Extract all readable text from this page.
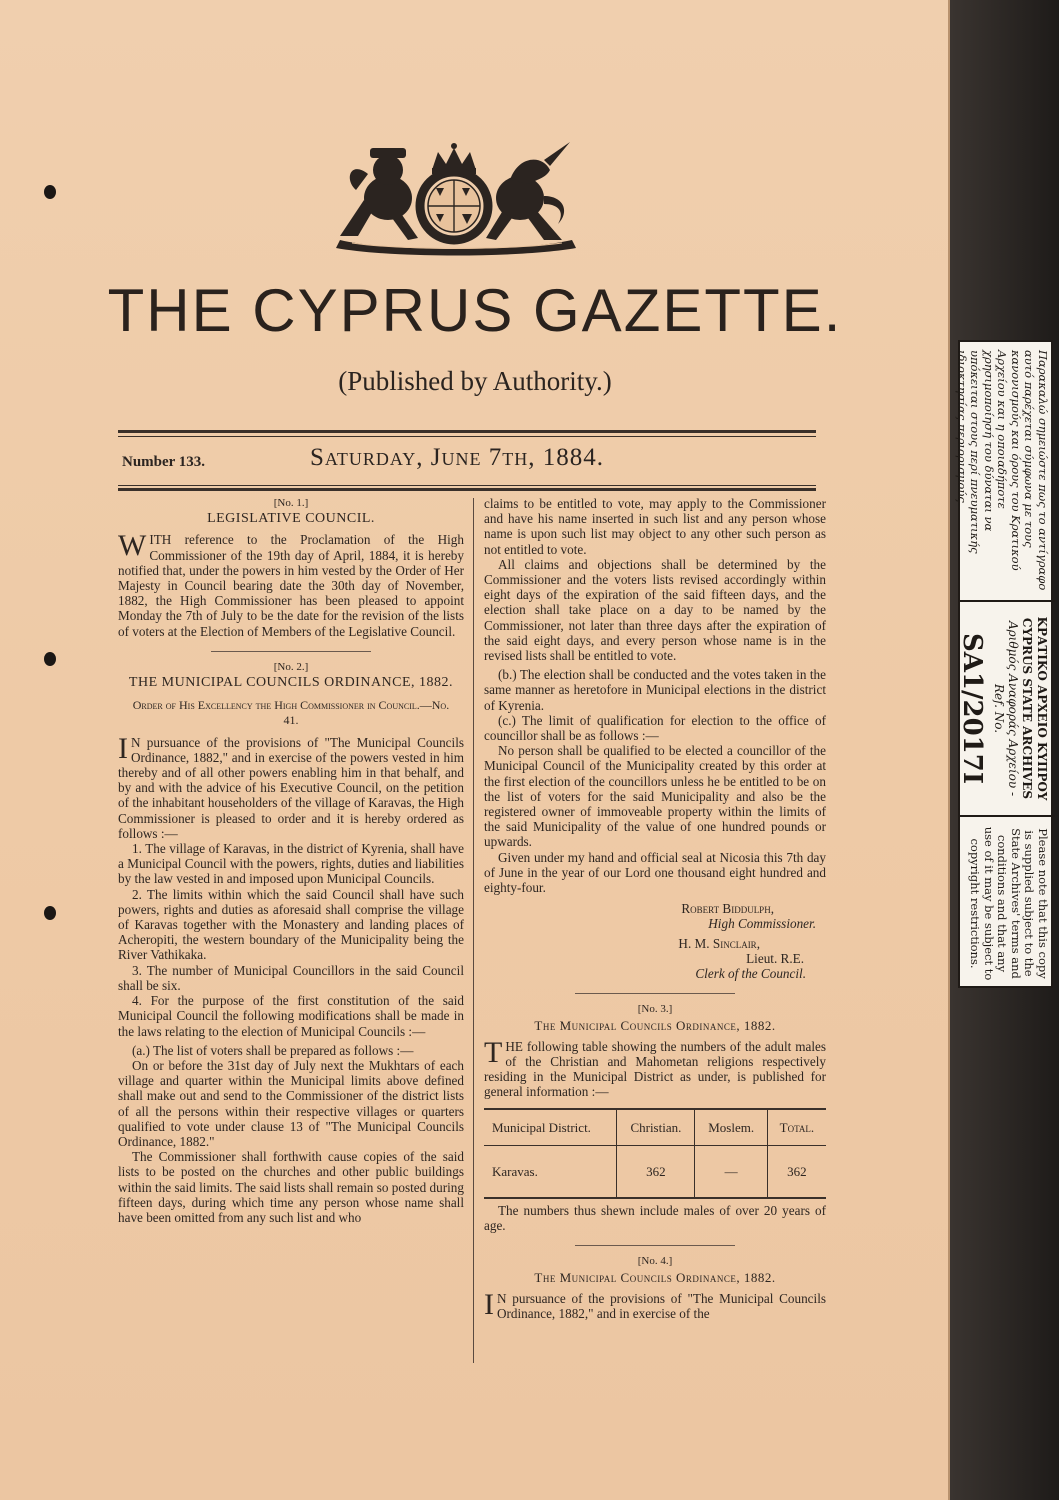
THE CYPRUS GAZETTE.
(Published by Authority.)
Number 133.	Saturday, June 7th, 1884.

[No. 1.]

LEGISLATIVE COUNCIL.

WITH reference to the Proclamation of the High Commissioner of the 19th day of April, 1884, it is hereby notified that, under the powers in him vested by the Order of Her Majesty in Council bearing date the 30th day of November, 1882, the High Commissioner has been pleased to appoint Monday the 7th of July to be the date for the revision of the lists of voters at the Election of Members of the Legislative Council.

[No. 2.]

THE MUNICIPAL COUNCILS ORDINANCE, 1882.

Order of His Excellency the High Commissioner in Council.—No. 41.

IN pursuance of the provisions of "The Municipal Councils Ordinance, 1882," and in exercise of the powers vested in him thereby and of all other powers enabling him in that behalf, and by and with the advice of his Executive Council, on the petition of the inhabitant householders of the village of Karavas, the High Commissioner is pleased to order and it is hereby ordered as follows :—

1. The village of Karavas, in the district of Kyrenia, shall have a Municipal Council with the powers, rights, duties and liabilities by the law vested in and imposed upon Municipal Councils.

2. The limits within which the said Council shall have such powers, rights and duties as aforesaid shall comprise the village of Karavas together with the Monastery and landing places of Acheropiti, the western boundary of the Municipality being the River Vathikaka.

3. The number of Municipal Councillors in the said Council shall be six.

4. For the purpose of the first constitution of the said Municipal Council the following modifications shall be made in the laws relating to the election of Municipal Councils :—

(a.) The list of voters shall be prepared as follows :—

On or before the 31st day of July next the Mukhtars of each village and quarter within the Municipal limits above defined shall make out and send to the Commissioner of the district lists of all the persons within their respective villages or quarters qualified to vote under clause 13 of "The Municipal Councils Ordinance, 1882."

The Commissioner shall forthwith cause copies of the said lists to be posted on the churches and other public buildings within the said limits. The said lists shall remain so posted during fifteen days, during which time any person whose name shall have been omitted from any such list and who

claims to be entitled to vote, may apply to the Commissioner and have his name inserted in such list and any person whose name is upon such list may object to any other such person as not entitled to vote.

All claims and objections shall be determined by the Commissioner and the voters lists revised accordingly within eight days of the expiration of the said fifteen days, and the election shall take place on a day to be named by the Commissioner, not later than three days after the expiration of the said eight days, and every person whose name is in the revised lists shall be entitled to vote.

(b.) The election shall be conducted and the votes taken in the same manner as heretofore in Municipal elections in the district of Kyrenia.

(c.) The limit of qualification for election to the office of councillor shall be as follows :—

No person shall be qualified to be elected a councillor of the Municipal Council of the Municipality created by this order at the first election of the councillors unless he be entitled to be on the list of voters for the said Municipality and also be the registered owner of immoveable property within the limits of the said Municipality of the value of one hundred pounds or upwards.

Given under my hand and official seal at Nicosia this 7th day of June in the year of our Lord one thousand eight hundred and eighty-four.

Robert Biddulph,

High Commissioner.

H. M. Sinclair,

Lieut. R.E.

Clerk of the Council.

[No. 3.]

The Municipal Councils Ordinance, 1882.

THE following table showing the numbers of the adult males of the Christian and Mahometan religions respectively residing in the Municipal District as under, is published for general information :—

Municipal District.	Christian.	Moslem.	Total.
Karavas.	362	—	362

The numbers thus shewn include males of over 20 years of age.

[No. 4.]

The Municipal Councils Ordinance, 1882.

IN pursuance of the provisions of "The Municipal Councils Ordinance, 1882," and in exercise of the

Παρακαλώ σημειώστε πως το αντίγραφο αυτό παρέχεται σύμφωνα με τους κανονισμούς και όρους του Κρατικού Αρχείου και η οποιαδήποτε χρησιμοποίησή του δύναται να υπόκειται στους περί πνευματικής ιδιοκτησίας περιορισμούς.
ΚΡΑΤΙΚΟ ΑΡΧΕΙΟ ΚΥΠΡΟΥ
CYPRUS STATE ARCHIVES
Αριθμός Αναφοράς Αρχείου - Ref. No.
SA1/2017I
Please note that this copy is supplied subject to the State Archives' terms and conditions and that any use of it may be subject to copyright restrictions.
